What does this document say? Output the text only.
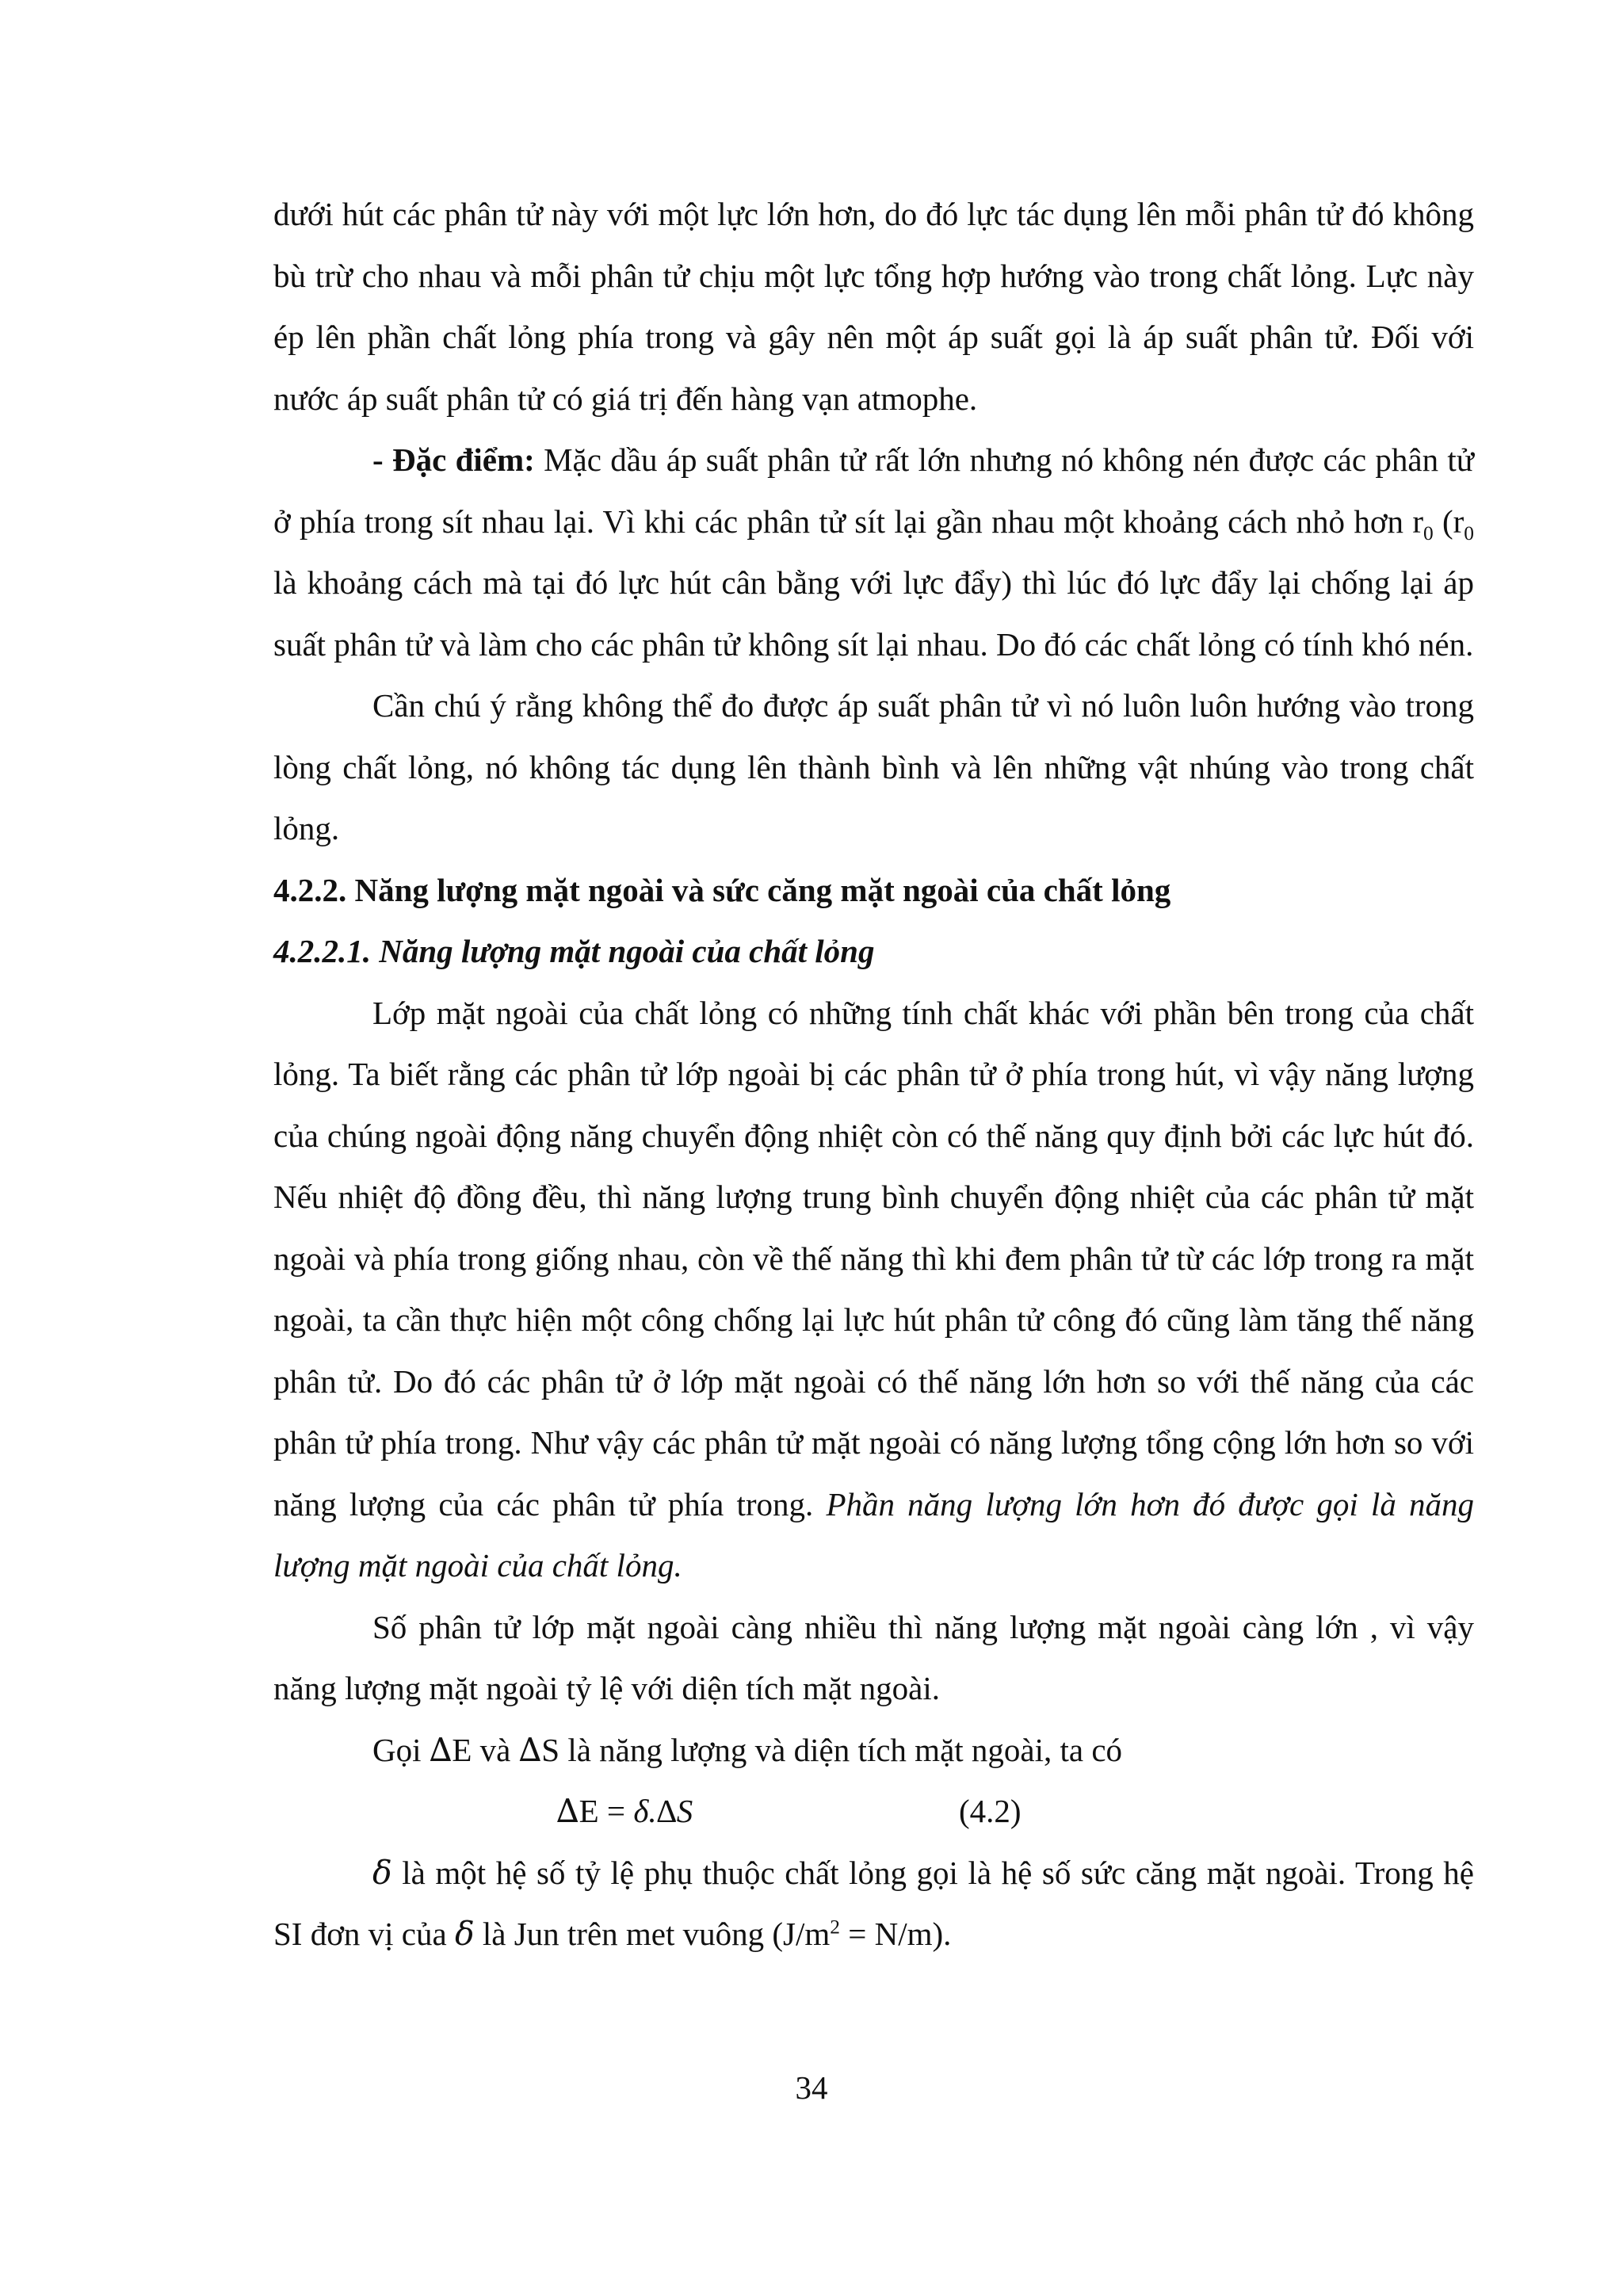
dưới hút các phân tử này với một lực lớn hơn, do đó lực tác dụng lên mỗi phân tử đó không bù trừ cho nhau và mỗi phân tử chịu một lực tổng hợp hướng vào trong chất lỏng. Lực này ép lên phần chất lỏng phía trong và gây nên một áp suất gọi là áp suất phân tử. Đối với nước áp suất phân tử có giá trị đến hàng vạn atmophe.

- Đặc điểm: Mặc dầu áp suất phân tử rất lớn nhưng nó không nén được các phân tử ở phía trong sít nhau lại. Vì khi các phân tử sít lại gần nhau một khoảng cách nhỏ hơn $r_0$ ($r_0$ là khoảng cách mà tại đó lực hút cân bằng với lực đẩy) thì lúc đó lực đẩy lại chống lại áp suất phân tử và làm cho các phân tử không sít lại nhau. Do đó các chất lỏng có tính khó nén.

Cần chú ý rằng không thể đo được áp suất phân tử vì nó luôn luôn hướng vào trong lòng chất lỏng, nó không tác dụng lên thành bình và lên những vật nhúng vào trong chất lỏng.

4.2.2. Năng lượng mặt ngoài và sức căng mặt ngoài của chất lỏng
4.2.2.1. Năng lượng mặt ngoài của chất lỏng

Lớp mặt ngoài của chất lỏng có những tính chất khác với phần bên trong của chất lỏng. Ta biết rằng các phân tử lớp ngoài bị các phân tử ở phía trong hút, vì vậy năng lượng của chúng ngoài động năng chuyển động nhiệt còn có thế năng quy định bởi các lực hút đó. Nếu nhiệt độ đồng đều, thì năng lượng trung bình chuyển động nhiệt của các phân tử mặt ngoài và phía trong giống nhau, còn về thế năng thì khi đem phân tử từ các lớp trong ra mặt ngoài, ta cần thực hiện một công chống lại lực hút phân tử công đó cũng làm tăng thế năng phân tử. Do đó các phân tử ở lớp mặt ngoài có thế năng lớn hơn so với thế năng của các phân tử phía trong. Như vậy các phân tử mặt ngoài có năng lượng tổng cộng lớn hơn so với năng lượng của các phân tử phía trong. Phần năng lượng lớn hơn đó được gọi là năng lượng mặt ngoài của chất lỏng.

Số phân tử lớp mặt ngoài càng nhiều thì năng lượng mặt ngoài càng lớn , vì vậy năng lượng mặt ngoài tỷ lệ với diện tích mặt ngoài.

Gọi ∆E và ∆S là năng lượng và diện tích mặt ngoài, ta có

∆E = δ.∆S	(4.2)

δ là một hệ số tỷ lệ phụ thuộc chất lỏng gọi là hệ số sức căng mặt ngoài. Trong hệ SI đơn vị của δ là Jun trên met vuông $(J/m^2 = N/m)$.

34
